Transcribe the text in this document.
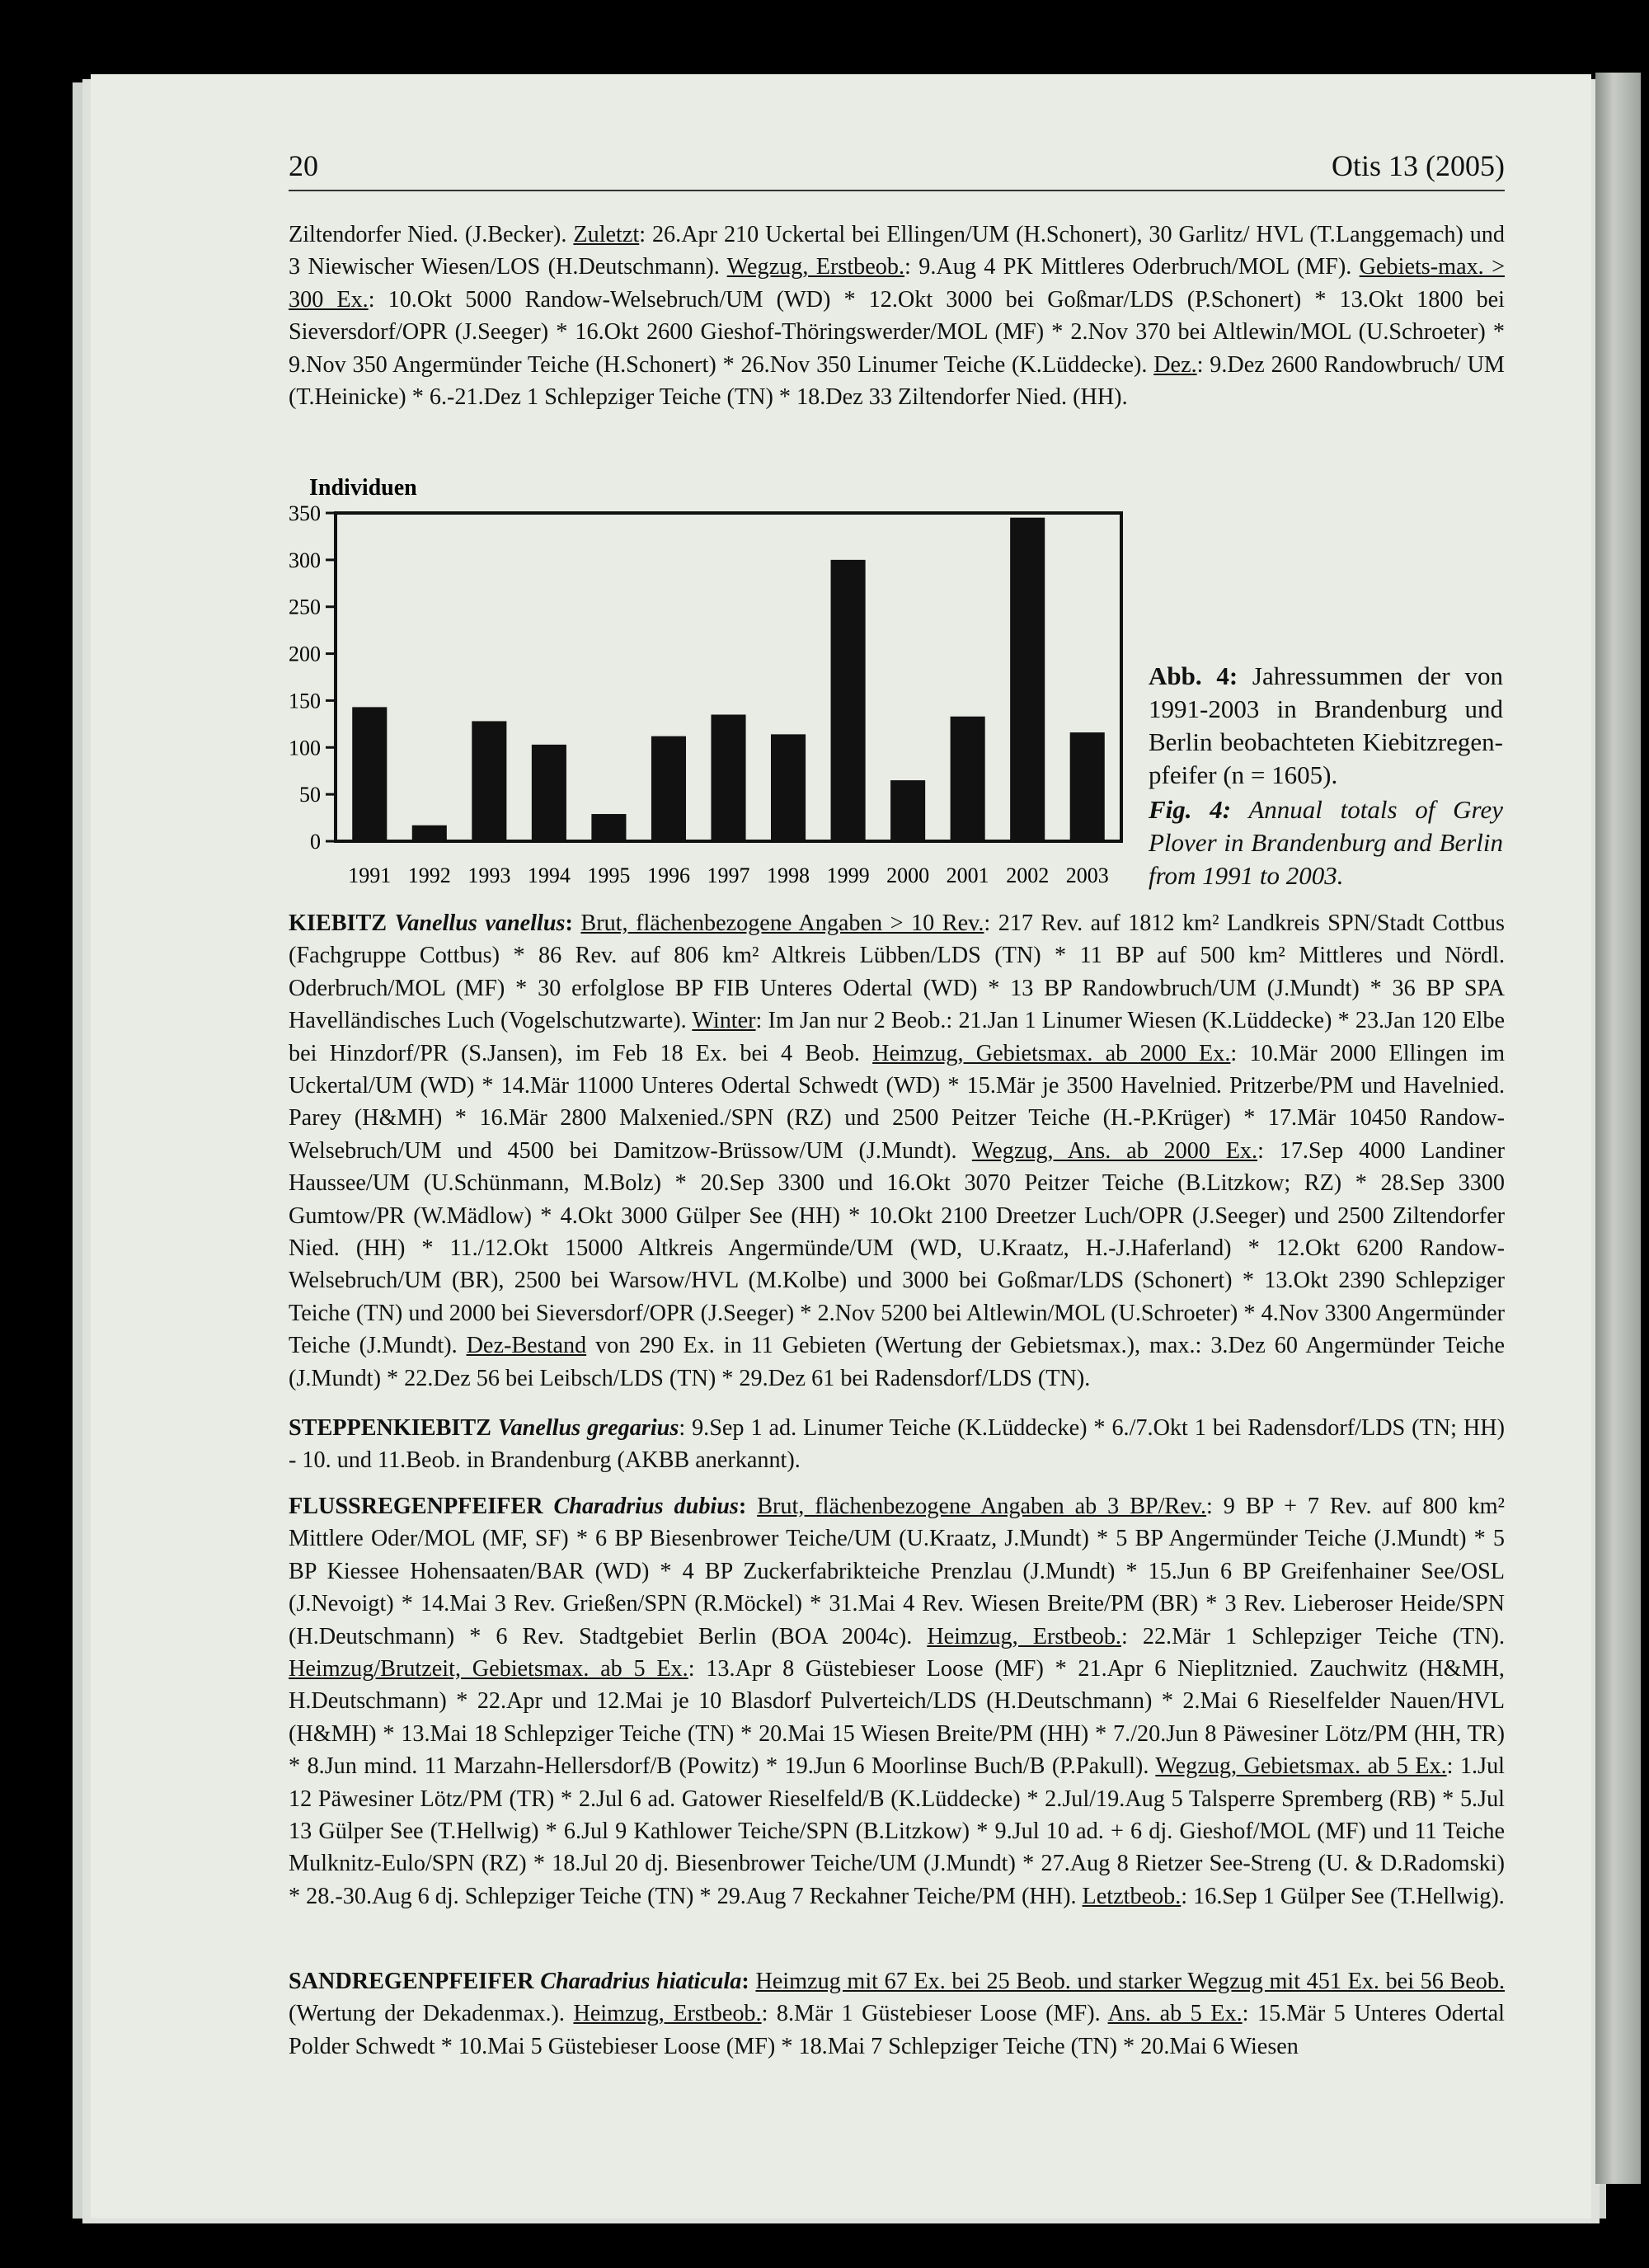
20	Otis 13 (2005)

Ziltendorfer Nied. (J.Becker). Zuletzt: 26.Apr 210 Uckertal bei Ellingen/UM (H.Schonert), 30 Garlitz/ HVL (T.Langgemach) und 3 Niewischer Wiesen/LOS (H.Deutschmann). Wegzug, Erstbeob.: 9.Aug 4 PK Mittleres Oderbruch/MOL (MF). Gebiets-max. > 300 Ex.: 10.Okt 5000 Randow-Welsebruch/UM (WD) * 12.Okt 3000 bei Goßmar/LDS (P.Schonert) * 13.Okt 1800 bei Sieversdorf/OPR (J.Seeger) * 16.Okt 2600 Gieshof-Thöringswerder/MOL (MF) * 2.Nov 370 bei Altlewin/MOL (U.Schroeter) * 9.Nov 350 Angermünder Teiche (H.Schonert) * 26.Nov 350 Linumer Teiche (K.Lüddecke). Dez.: 9.Dez 2600 Randowbruch/ UM (T.Heinicke) * 6.-21.Dez 1 Schlepziger Teiche (TN) * 18.Dez 33 Ziltendorfer Nied. (HH).

Individuen
0
50
100
150
200
250
300
350
1991 1992 1993 1994 1995 1996 1997 1998 1999 2000 2001 2002 2003

Abb. 4: Jahressummen der von 1991-2003 in Brandenburg und Berlin beobachteten Kiebitzregen-pfeifer (n = 1605).

Fig. 4: Annual totals of Grey Plover in Brandenburg and Berlin from 1991 to 2003.

KIEBITZ Vanellus vanellus: Brut, flächenbezogene Angaben > 10 Rev.: 217 Rev. auf 1812 km² Landkreis SPN/Stadt Cottbus (Fachgruppe Cottbus) * 86 Rev. auf 806 km² Altkreis Lübben/LDS (TN) * 11 BP auf 500 km² Mittleres und Nördl. Oderbruch/MOL (MF) * 30 erfolglose BP FIB Unteres Odertal (WD) * 13 BP Randowbruch/UM (J.Mundt) * 36 BP SPA Havelländisches Luch (Vogelschutzwarte). Winter: Im Jan nur 2 Beob.: 21.Jan 1 Linumer Wiesen (K.Lüddecke) * 23.Jan 120 Elbe bei Hinzdorf/PR (S.Jansen), im Feb 18 Ex. bei 4 Beob. Heimzug, Gebietsmax. ab 2000 Ex.: 10.Mär 2000 Ellingen im Uckertal/UM (WD) * 14.Mär 11000 Unteres Odertal Schwedt (WD) * 15.Mär je 3500 Havelnied. Pritzerbe/PM und Havelnied. Parey (H&MH) * 16.Mär 2800 Malxenied./SPN (RZ) und 2500 Peitzer Teiche (H.-P.Krüger) * 17.Mär 10450 Randow-Welsebruch/UM und 4500 bei Damitzow-Brüssow/UM (J.Mundt). Wegzug, Ans. ab 2000 Ex.: 17.Sep 4000 Landiner Haussee/UM (U.Schünmann, M.Bolz) * 20.Sep 3300 und 16.Okt 3070 Peitzer Teiche (B.Litzkow; RZ) * 28.Sep 3300 Gumtow/PR (W.Mädlow) * 4.Okt 3000 Gülper See (HH) * 10.Okt 2100 Dreetzer Luch/OPR (J.Seeger) und 2500 Ziltendorfer Nied. (HH) * 11./12.Okt 15000 Altkreis Angermünde/UM (WD, U.Kraatz, H.-J.Haferland) * 12.Okt 6200 Randow-Welsebruch/UM (BR), 2500 bei Warsow/HVL (M.Kolbe) und 3000 bei Goßmar/LDS (Schonert) * 13.Okt 2390 Schlepziger Teiche (TN) und 2000 bei Sieversdorf/OPR (J.Seeger) * 2.Nov 5200 bei Altlewin/MOL (U.Schroeter) * 4.Nov 3300 Angermünder Teiche (J.Mundt). Dez-Bestand von 290 Ex. in 11 Gebieten (Wertung der Gebietsmax.), max.: 3.Dez 60 Angermünder Teiche (J.Mundt) * 22.Dez 56 bei Leibsch/LDS (TN) * 29.Dez 61 bei Radensdorf/LDS (TN).

STEPPENKIEBITZ Vanellus gregarius: 9.Sep 1 ad. Linumer Teiche (K.Lüddecke) * 6./7.Okt 1 bei Radensdorf/LDS (TN; HH) - 10. und 11.Beob. in Brandenburg (AKBB anerkannt).

FLUSSREGENPFEIFER Charadrius dubius: Brut, flächenbezogene Angaben ab 3 BP/Rev.: 9 BP + 7 Rev. auf 800 km² Mittlere Oder/MOL (MF, SF) * 6 BP Biesenbrower Teiche/UM (U.Kraatz, J.Mundt) * 5 BP Angermünder Teiche (J.Mundt) * 5 BP Kiessee Hohensaaten/BAR (WD) * 4 BP Zuckerfabrikteiche Prenzlau (J.Mundt) * 15.Jun 6 BP Greifenhainer See/OSL (J.Nevoigt) * 14.Mai 3 Rev. Grießen/SPN (R.Möckel) * 31.Mai 4 Rev. Wiesen Breite/PM (BR) * 3 Rev. Lieberoser Heide/SPN (H.Deutschmann) * 6 Rev. Stadtgebiet Berlin (BOA 2004c). Heimzug, Erstbeob.: 22.Mär 1 Schlepziger Teiche (TN). Heimzug/Brutzeit, Gebietsmax. ab 5 Ex.: 13.Apr 8 Güstebieser Loose (MF) * 21.Apr 6 Nieplitznied. Zauchwitz (H&MH, H.Deutschmann) * 22.Apr und 12.Mai je 10 Blasdorf Pulverteich/LDS (H.Deutschmann) * 2.Mai 6 Rieselfelder Nauen/HVL (H&MH) * 13.Mai 18 Schlepziger Teiche (TN) * 20.Mai 15 Wiesen Breite/PM (HH) * 7./20.Jun 8 Päwesiner Lötz/PM (HH, TR) * 8.Jun mind. 11 Marzahn-Hellersdorf/B (Powitz) * 19.Jun 6 Moorlinse Buch/B (P.Pakull). Wegzug, Gebietsmax. ab 5 Ex.: 1.Jul 12 Päwesiner Lötz/PM (TR) * 2.Jul 6 ad. Gatower Rieselfeld/B (K.Lüddecke) * 2.Jul/19.Aug 5 Talsperre Spremberg (RB) * 5.Jul 13 Gülper See (T.Hellwig) * 6.Jul 9 Kathlower Teiche/SPN (B.Litzkow) * 9.Jul 10 ad. + 6 dj. Gieshof/MOL (MF) und 11 Teiche Mulknitz-Eulo/SPN (RZ) * 18.Jul 20 dj. Biesenbrower Teiche/UM (J.Mundt) * 27.Aug 8 Rietzer See-Streng (U. & D.Radomski) * 28.-30.Aug 6 dj. Schlepziger Teiche (TN) * 29.Aug 7 Reckahner Teiche/PM (HH). Letztbeob.: 16.Sep 1 Gülper See (T.Hellwig).

SANDREGENPFEIFER Charadrius hiaticula: Heimzug mit 67 Ex. bei 25 Beob. und starker Wegzug mit 451 Ex. bei 56 Beob. (Wertung der Dekadenmax.). Heimzug, Erstbeob.: 8.Mär 1 Güstebieser Loose (MF). Ans. ab 5 Ex.: 15.Mär 5 Unteres Odertal Polder Schwedt * 10.Mai 5 Güstebieser Loose (MF) * 18.Mai 7 Schlepziger Teiche (TN) * 20.Mai 6 Wiesen
